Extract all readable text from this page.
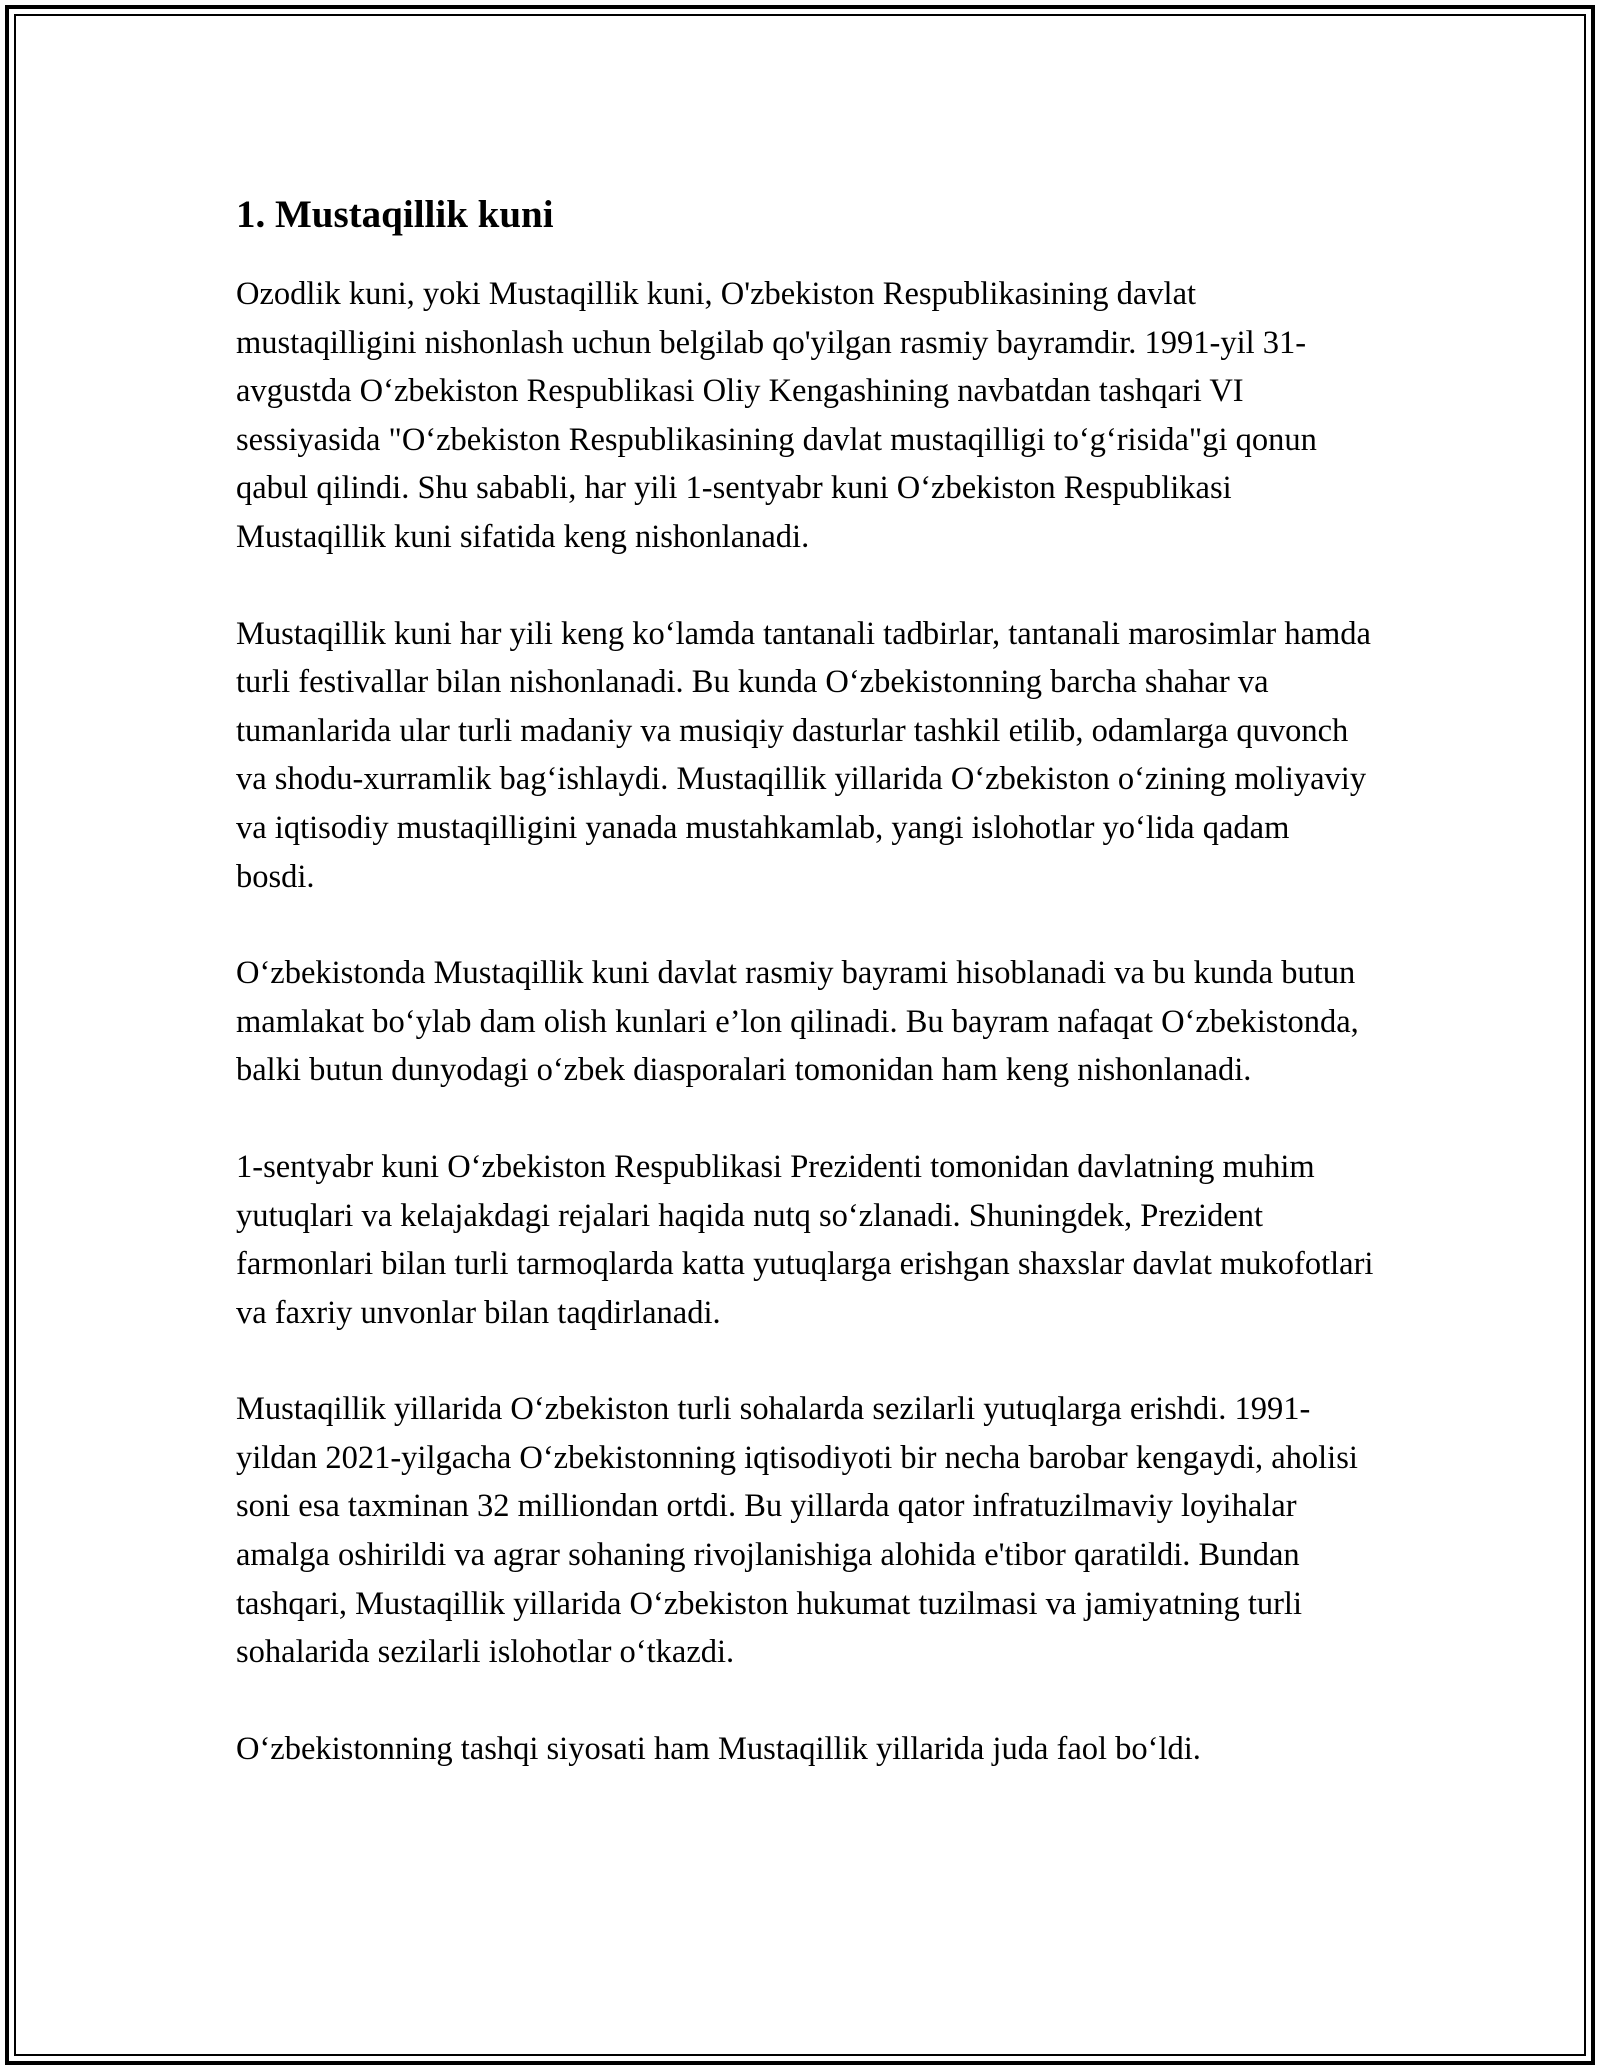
1. Mustaqillik kuni

Ozodlik kuni, yoki Mustaqillik kuni, O'zbekiston Respublikasining davlat mustaqilligini nishonlash uchun belgilab qo'yilgan rasmiy bayramdir. 1991-yil 31-avgustda O‘zbekiston Respublikasi Oliy Kengashining navbatdan tashqari VI sessiyasida "O‘zbekiston Respublikasining davlat mustaqilligi to‘g‘risida"gi qonun qabul qilindi. Shu sababli, har yili 1-sentyabr kuni O‘zbekiston Respublikasi Mustaqillik kuni sifatida keng nishonlanadi.

Mustaqillik kuni har yili keng ko‘lamda tantanali tadbirlar, tantanali marosimlar hamda turli festivallar bilan nishonlanadi. Bu kunda O‘zbekistonning barcha shahar va tumanlarida ular turli madaniy va musiqiy dasturlar tashkil etilib, odamlarga quvonch va shodu-xurramlik bag‘ishlaydi. Mustaqillik yillarida O‘zbekiston o‘zining moliyaviy va iqtisodiy mustaqilligini yanada mustahkamlab, yangi islohotlar yo‘lida qadam bosdi.

O‘zbekistonda Mustaqillik kuni davlat rasmiy bayrami hisoblanadi va bu kunda butun mamlakat bo‘ylab dam olish kunlari e’lon qilinadi. Bu bayram nafaqat O‘zbekistonda, balki butun dunyodagi o‘zbek diasporalari tomonidan ham keng nishonlanadi.

1-sentyabr kuni O‘zbekiston Respublikasi Prezidenti tomonidan davlatning muhim yutuqlari va kelajakdagi rejalari haqida nutq so‘zlanadi. Shuningdek, Prezident farmonlari bilan turli tarmoqlarda katta yutuqlarga erishgan shaxslar davlat mukofotlari va faxriy unvonlar bilan taqdirlanadi.

Mustaqillik yillarida O‘zbekiston turli sohalarda sezilarli yutuqlarga erishdi. 1991-yildan 2021-yilgacha O‘zbekistonning iqtisodiyoti bir necha barobar kengaydi, aholisi soni esa taxminan 32 milliondan ortdi. Bu yillarda qator infratuzilmaviy loyihalar amalga oshirildi va agrar sohaning rivojlanishiga alohida e'tibor qaratildi. Bundan tashqari, Mustaqillik yillarida O‘zbekiston hukumat tuzilmasi va jamiyatning turli sohalarida sezilarli islohotlar o‘tkazdi.

O‘zbekistonning tashqi siyosati ham Mustaqillik yillarida juda faol bo‘ldi.
